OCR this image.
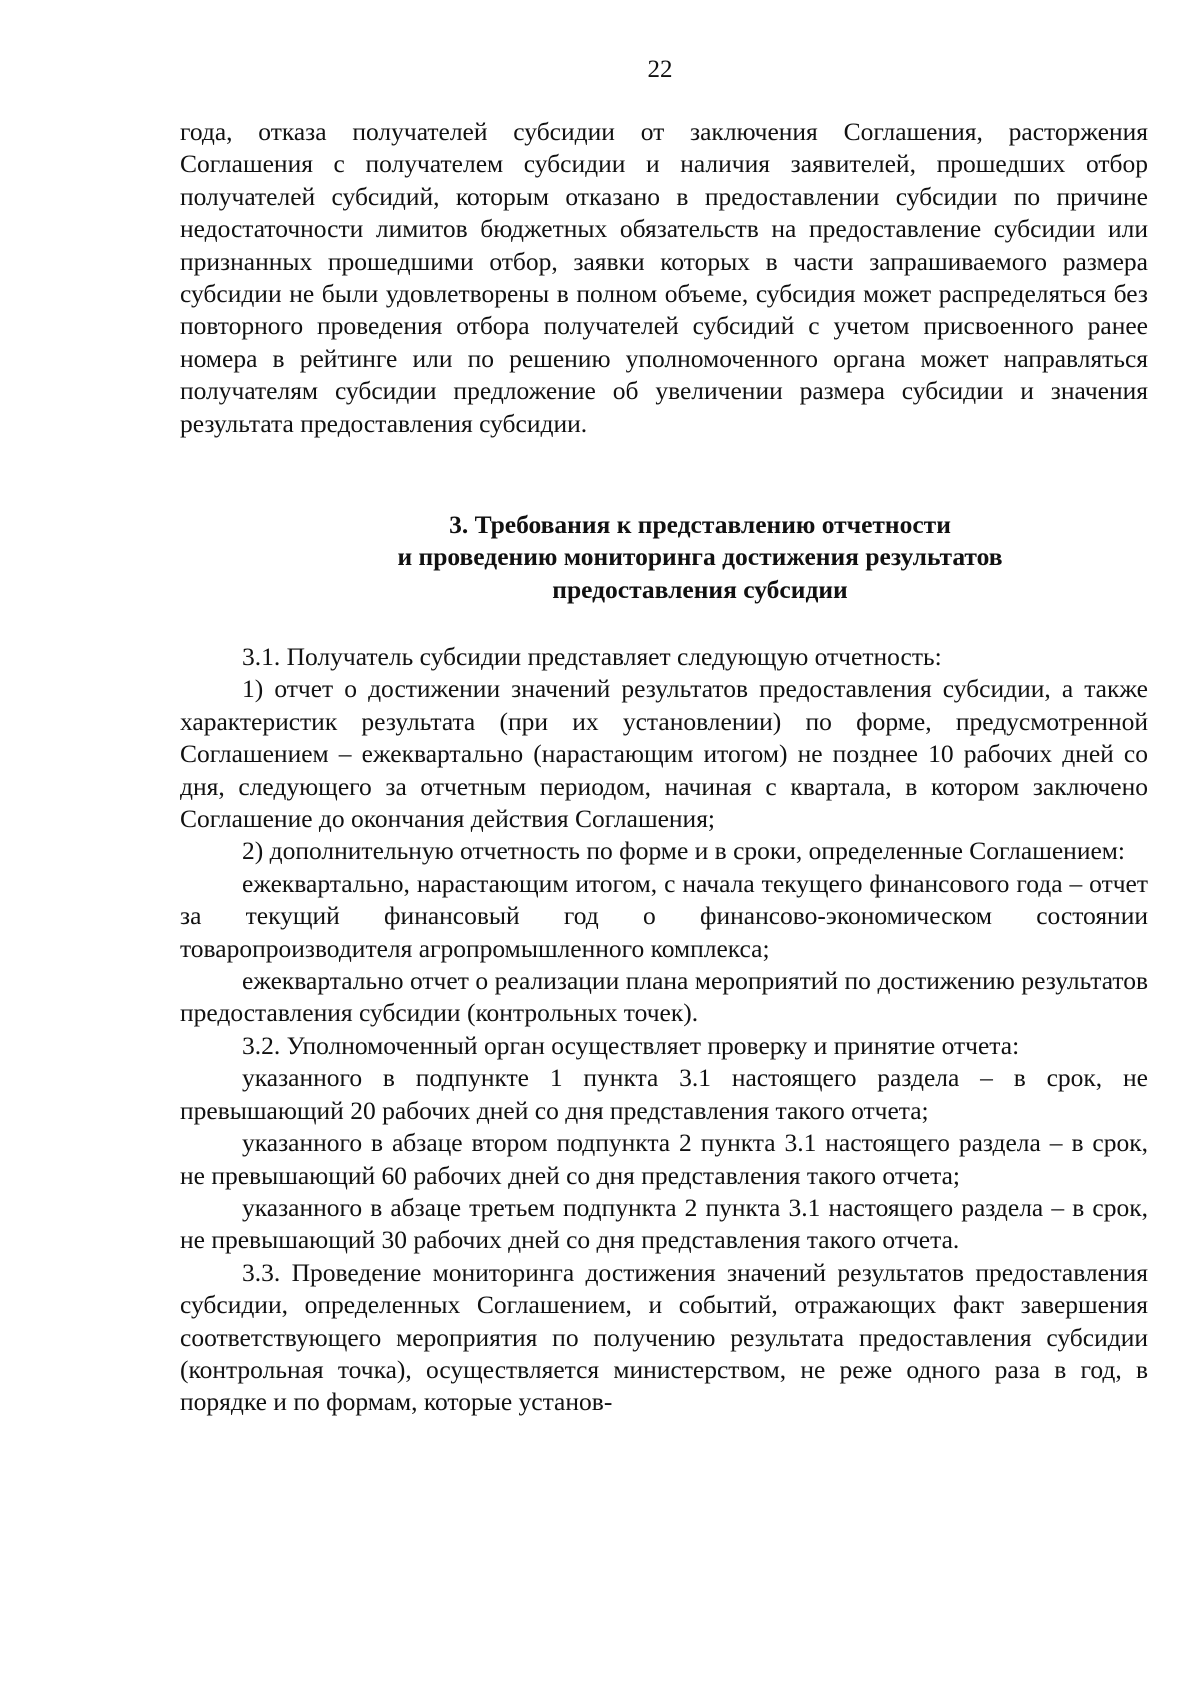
22

года, отказа получателей субсидии от заключения Соглашения, расторжения Соглашения с получателем субсидии и наличия заявителей, прошедших отбор получателей субсидий, которым отказано в предоставлении субсидии по причине недостаточности лимитов бюджетных обязательств на предоставление субсидии или признанных прошедшими отбор, заявки которых в части запрашиваемого размера субсидии не были удовлетворены в полном объеме, субсидия может распределяться без повторного проведения отбора получателей субсидий с учетом присвоенного ранее номера в рейтинге или по решению уполномоченного органа может направляться получателям субсидии предложение об увеличении размера субсидии и значения результата предоставления субсидии.

3. Требования к представлению отчетности
и проведению мониторинга достижения результатов
предоставления субсидии

3.1. Получатель субсидии представляет следующую отчетность:

1) отчет о достижении значений результатов предоставления субсидии, а также характеристик результата (при их установлении) по форме, предусмотренной Соглашением – ежеквартально (нарастающим итогом) не позднее 10 рабочих дней со дня, следующего за отчетным периодом, начиная с квартала, в котором заключено Соглашение до окончания действия Соглашения;

2) дополнительную отчетность по форме и в сроки, определенные Соглашением:

ежеквартально, нарастающим итогом, с начала текущего финансового года – отчет за текущий финансовый год о финансово-экономическом состоянии товаропроизводителя агропромышленного комплекса;

ежеквартально отчет о реализации плана мероприятий по достижению результатов предоставления субсидии (контрольных точек).

3.2. Уполномоченный орган осуществляет проверку и принятие отчета:

указанного в подпункте 1 пункта 3.1 настоящего раздела – в срок, не превышающий 20 рабочих дней со дня представления такого отчета;

указанного в абзаце втором подпункта 2 пункта 3.1 настоящего раздела – в срок, не превышающий 60 рабочих дней со дня представления такого отчета;

указанного в абзаце третьем подпункта 2 пункта 3.1 настоящего раздела – в срок, не превышающий 30 рабочих дней со дня представления такого отчета.

3.3. Проведение мониторинга достижения значений результатов предоставления субсидии, определенных Соглашением, и событий, отражающих факт завершения соответствующего мероприятия по получению результата предоставления субсидии (контрольная точка), осуществляется министерством, не реже одного раза в год, в порядке и по формам, которые установ-
